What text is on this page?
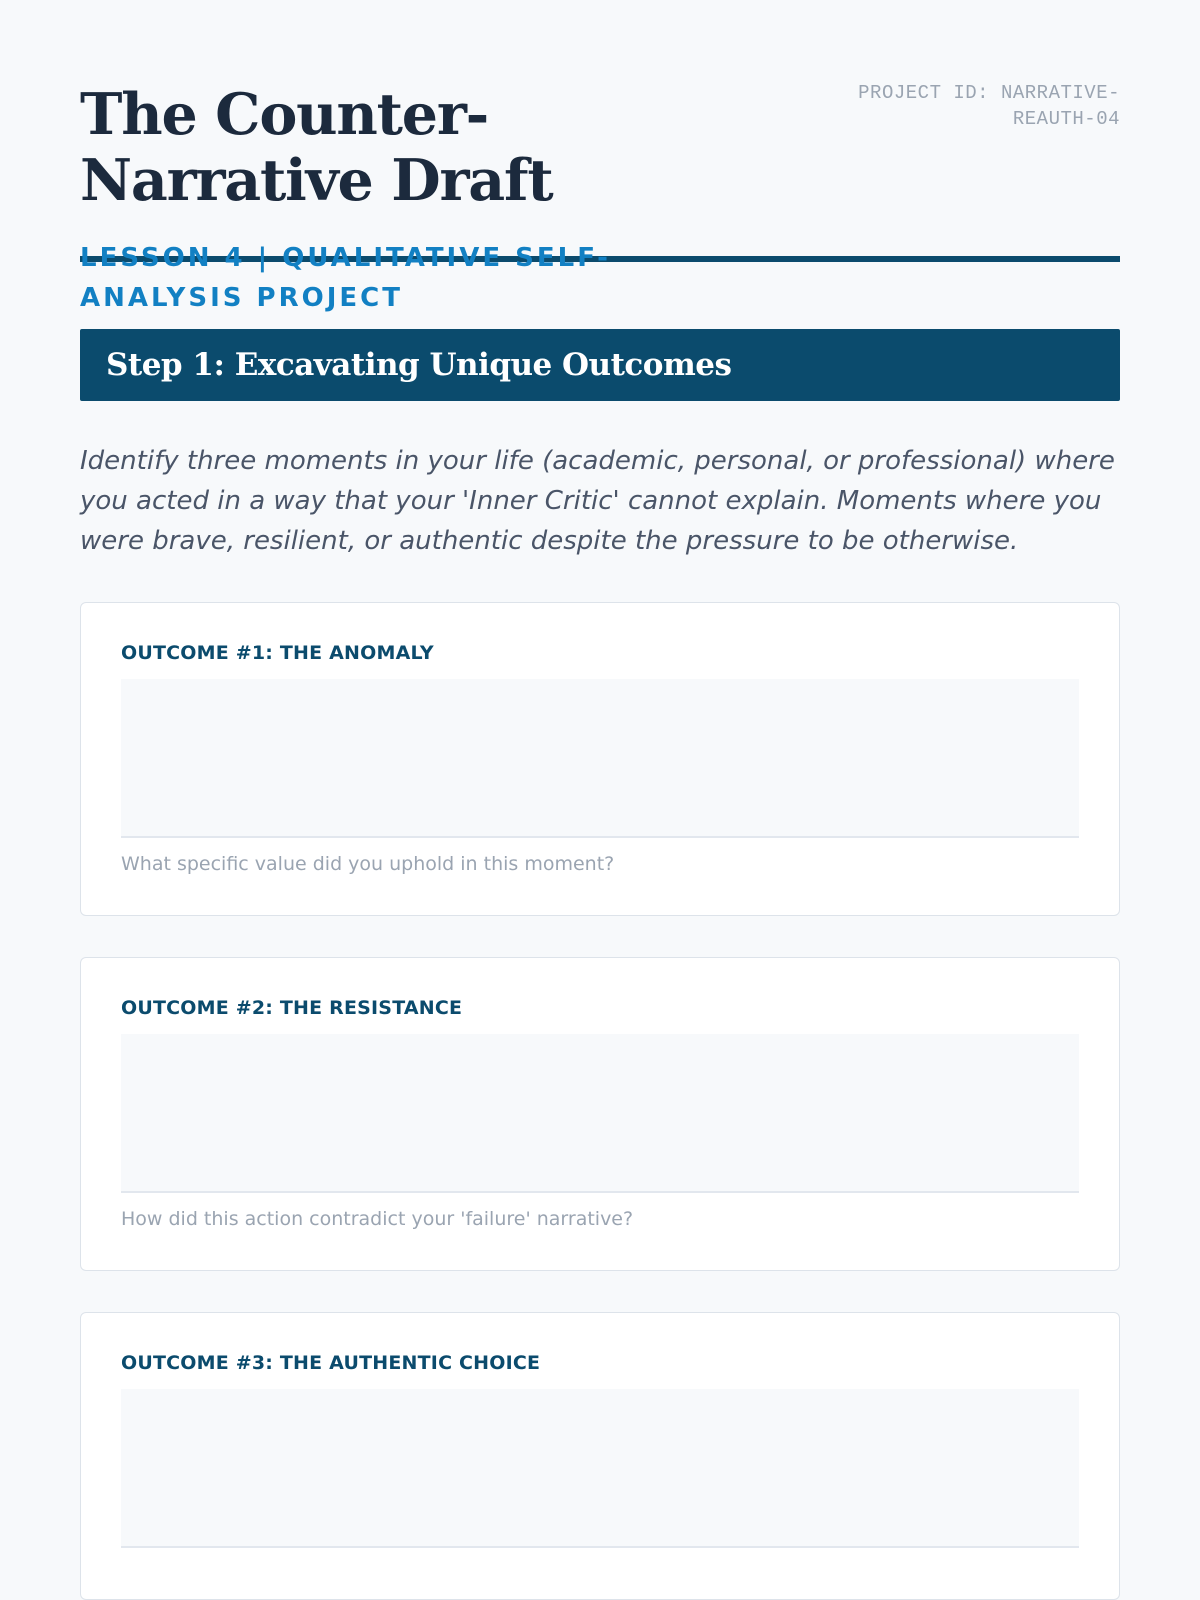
The Counter-Narrative Draft
LESSON 4 | QUALITATIVE SELF-ANALYSIS PROJECT
PROJECT ID: NARRATIVE-REAUTH-04
Step 1: Excavating Unique Outcomes

Identify three moments in your life (academic, personal, or professional) where you acted in a way that your 'Inner Critic' cannot explain. Moments where you were brave, resilient, or authentic despite the pressure to be otherwise.

OUTCOME #1: THE ANOMALY
What specific value did you uphold in this moment?
OUTCOME #2: THE RESISTANCE
How did this action contradict your 'failure' narrative?
OUTCOME #3: THE AUTHENTIC CHOICE
